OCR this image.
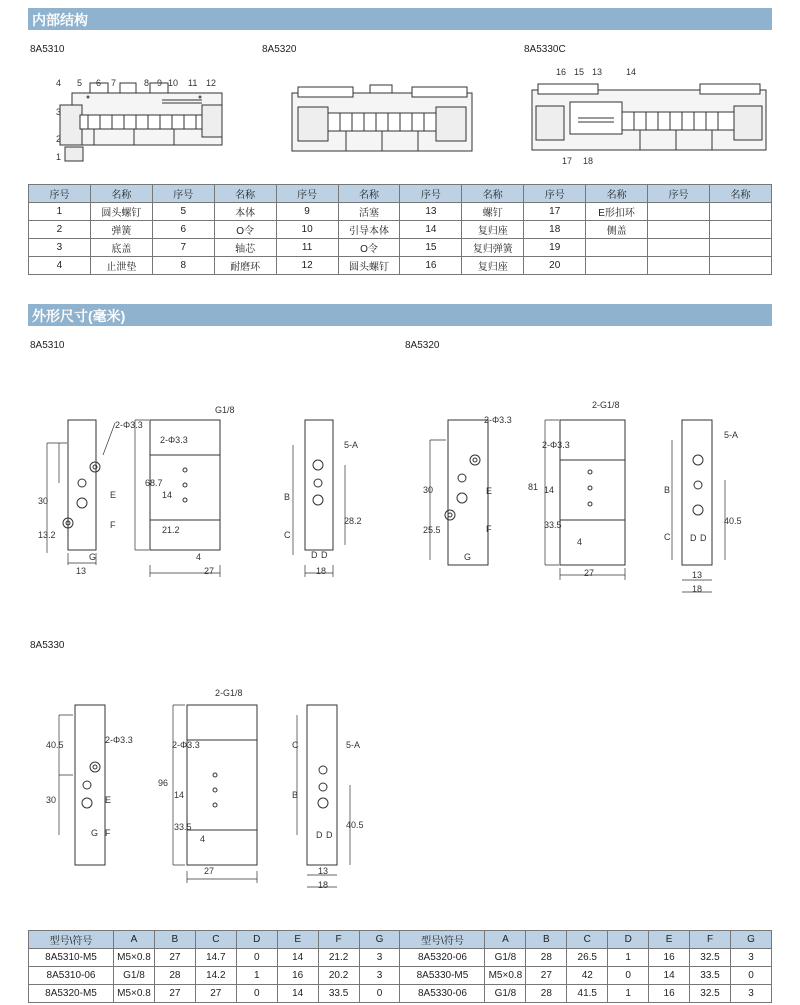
内部结构
8A5310	8A5320	8A5330C
4 5 6 7	8 9 10 11 12
3
2
1
16 15 13	14
17 18
序号	名称	序号	名称	序号	名称	序号	名称	序号	名称	序号	名称
1	圆头螺钉	5	本体	9	活塞	13	螺钉	17	E形扣环		
2	弹簧	6	O令	10	引导本体	14	复归座	18	侧盖		
3	底盖	7	轴芯	11	O令	15	复归弹簧	19			
4	止泄垫	8	耐磨环	12	圆头螺钉	16	复归座	20			
外形尺寸(毫米)
8A5310	8A5320
8A5330
2-Φ3.3
30
13.2
E
F
G
13
G1/8
68.7
2-Φ3.3
14
21.2
4
27
5-A
B
C
28.2
D D
18
2-Φ3.3
30
25.5
E
F
G
2-G1/8
81
2-Φ3.3
14
33.5
4
27
5-A
B
C
40.5
D D
13
18
40.5	2-Φ3.3
30	E
F
G
2-G1/8
96
2-Φ3.3
14
33.5
4
27
C	5-A
B
40.5
D D
13
18
型号\符号	A	B	C	D	E	F	G	型号\符号	A	B	C	D	E	F	G
8A5310-M5	M5×0.8	27	14.7	0	14	21.2	3	8A5320-06	G1/8	28	26.5	1	16	32.5	3
8A5310-06	G1/8	28	14.2	1	16	20.2	3	8A5330-M5	M5×0.8	27	42	0	14	33.5	0
8A5320-M5	M5×0.8	27	27	0	14	33.5	0	8A5330-06	G1/8	28	41.5	1	16	32.5	3
